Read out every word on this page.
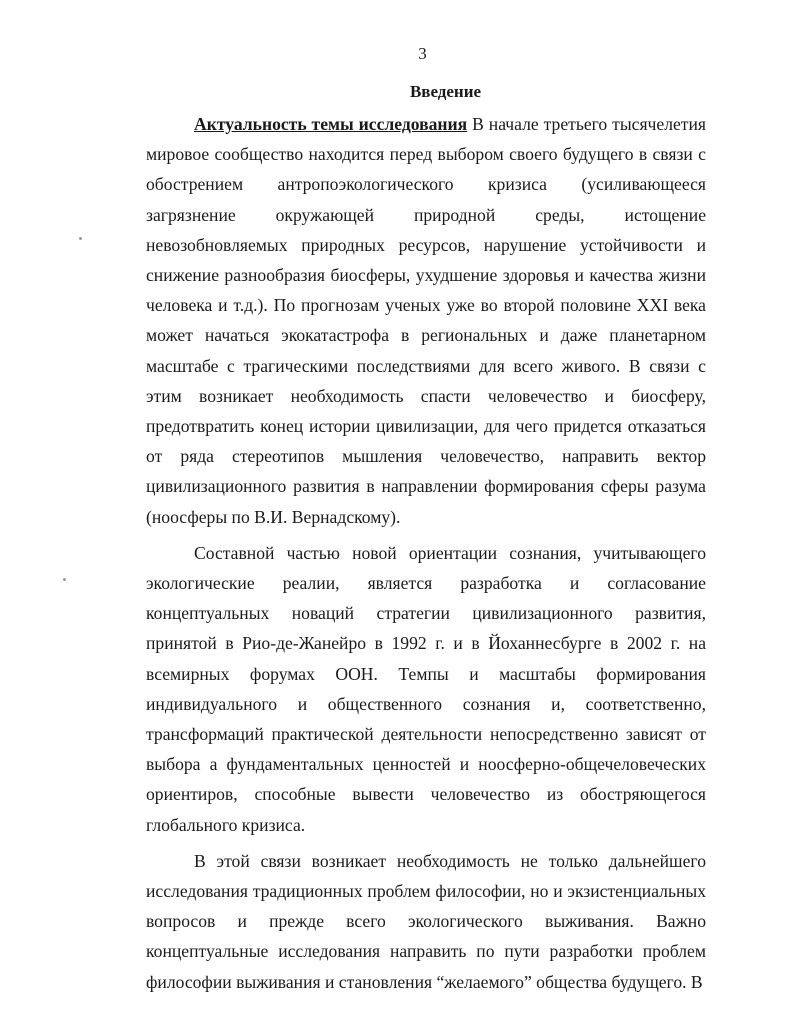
3
Введение

Актуальность темы исследования В начале третьего тысячелетия мировое сообщество находится перед выбором своего будущего в связи с обострением антропоэкологического кризиса (усиливающееся загрязнение окружающей природной среды, истощение невозобновляемых природных ресурсов, нарушение устойчивости и снижение разнообразия биосферы, ухудшение здоровья и качества жизни человека и т.д.). По прогнозам ученых уже во второй половине XXI века может начаться экокатастрофа в региональных и даже планетарном масштабе с трагическими последствиями для всего живого. В связи с этим возникает необходимость спасти человечество и биосферу, предотвратить конец истории цивилизации, для чего придется отказаться от ряда стереотипов мышления человечество, направить вектор цивилизационного развития в направлении формирования сферы разума (ноосферы по В.И. Вернадскому).

Составной частью новой ориентации сознания, учитывающего экологические реалии, является разработка и согласование концептуальных новаций стратегии цивилизационного развития, принятой в Рио-де-Жанейро в 1992 г. и в Йоханнесбурге в 2002 г. на всемирных форумах ООН. Темпы и масштабы формирования индивидуального и общественного сознания и, соответственно, трансформаций практической деятельности непосредственно зависят от выбора а фундаментальных ценностей и ноосферно-общечеловеческих ориентиров, способные вывести человечество из обостряющегося глобального кризиса.

В этой связи возникает необходимость не только дальнейшего исследования традиционных проблем философии, но и экзистенциальных вопросов и прежде всего экологического выживания. Важно концептуальные исследования направить по пути разработки проблем философии выживания и становления “желаемого” общества будущего. В
